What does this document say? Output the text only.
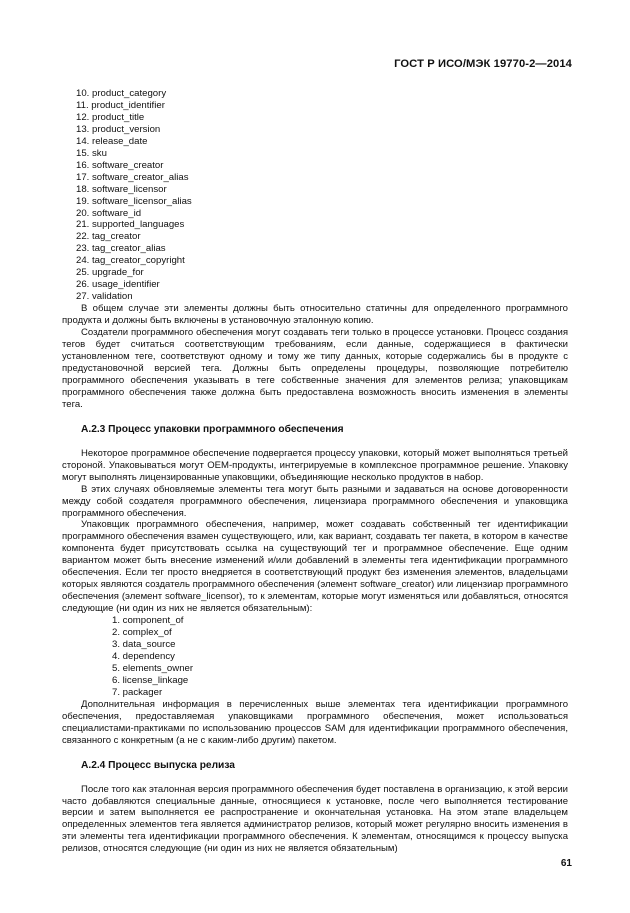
ГОСТ Р ИСО/МЭК 19770-2—2014
10. product_category
11. product_identifier
12. product_title
13. product_version
14. release_date
15. sku
16. software_creator
17. software_creator_alias
18. software_licensor
19. software_licensor_alias
20. software_id
21. supported_languages
22. tag_creator
23. tag_creator_alias
24. tag_creator_copyright
25. upgrade_for
26. usage_identifier
27. validation

В общем случае эти элементы должны быть относительно статичны для определенного программного продукта и должны быть включены в установочную эталонную копию.

Создатели программного обеспечения могут создавать теги только в процессе установки. Процесс создания тегов будет считаться соответствующим требованиям, если данные, содержащиеся в фактически установленном теге, соответствуют одному и тому же типу данных, которые содержались бы в продукте с предустановочной версией тега. Должны быть определены процедуры, позволяющие потребителю программного обеспечения указывать в теге собственные значения для элементов релиза; упаковщикам программного обеспечения также должна быть предоставлена возможность вносить изменения в элементы тега.

A.2.3 Процесс упаковки программного обеспечения

Некоторое программное обеспечение подвергается процессу упаковки, который может выполняться третьей стороной. Упаковываться могут OEM-продукты, интегрируемые в комплексное программное решение. Упаковку могут выполнять лицензированные упаковщики, объединяющие несколько продуктов в набор.

В этих случаях обновляемые элементы тега могут быть разными и задаваться на основе договоренности между собой создателя программного обеспечения, лицензиара программного обеспечения и упаковщика программного обеспечения.

Упаковщик программного обеспечения, например, может создавать собственный тег идентификации программного обеспечения взамен существующего, или, как вариант, создавать тег пакета, в котором в качестве компонента будет присутствовать ссылка на существующий тег и программное обеспечение. Еще одним вариантом может быть внесение изменений и/или добавлений в элементы тега идентификации программного обеспечения. Если тег просто внедряется в соответствующий продукт без изменения элементов, владельцами которых являются создатель программного обеспечения (элемент software_creator) или лицензиар программного обеспечения (элемент software_licensor), то к элементам, которые могут изменяться или добавляться, относятся следующие (ни один из них не является обязательным):

1. component_of
2. complex_of
3. data_source
4. dependency
5. elements_owner
6. license_linkage
7. packager

Дополнительная информация в перечисленных выше элементах тега идентификации программного обеспечения, предоставляемая упаковщиками программного обеспечения, может использоваться специалистами-практиками по использованию процессов SAM для идентификации программного обеспечения, связанного с конкретным (а не с каким-либо другим) пакетом.

A.2.4 Процесс выпуска релиза

После того как эталонная версия программного обеспечения будет поставлена в организацию, к этой версии часто добавляются специальные данные, относящиеся к установке, после чего выполняется тестирование версии и затем выполняется ее распространение и окончательная установка. На этом этапе владельцем определенных элементов тега является администратор релизов, который может регулярно вносить изменения в эти элементы тега идентификации программного обеспечения. К элементам, относящимся к процессу выпуска релизов, относятся следующие (ни один из них не является обязательным)

61
